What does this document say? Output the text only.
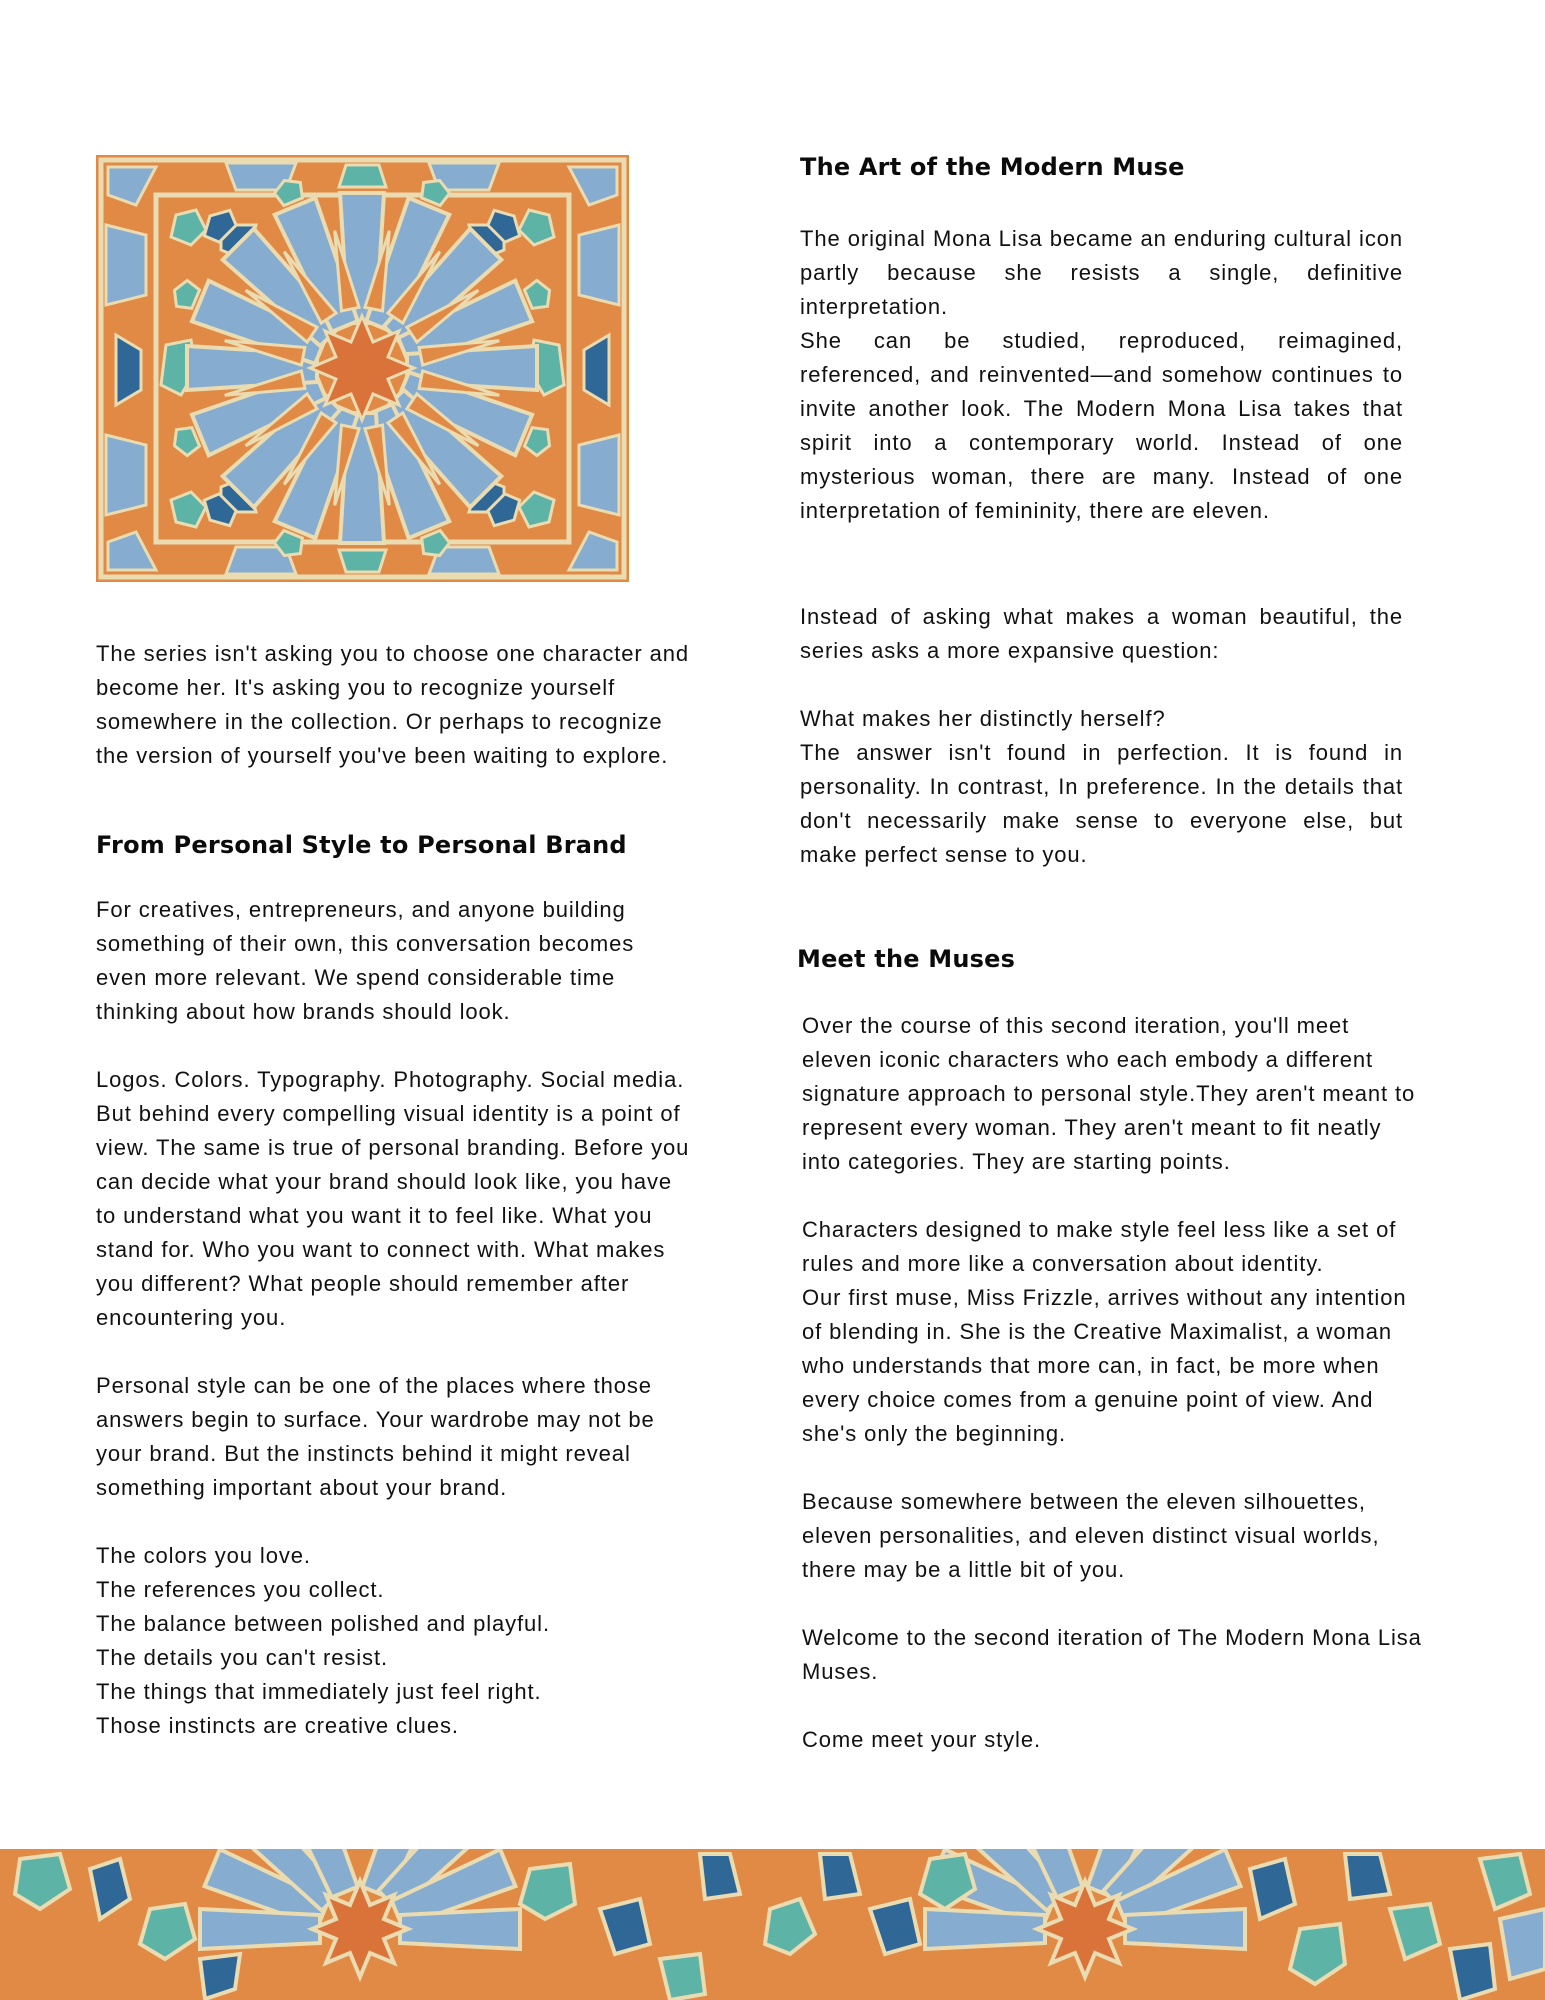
The series isn't asking you to choose one character and become her. It's asking you to recognize yourself somewhere in the collection. Or perhaps to recognize the version of yourself you've been waiting to explore.

From Personal Style to Personal Brand

For creatives, entrepreneurs, and anyone building something of their own, this conversation becomes even more relevant. We spend considerable time thinking about how brands should look.

Logos. Colors. Typography. Photography. Social media.

But behind every compelling visual identity is a point of view. The same is true of personal branding. Before you can decide what your brand should look like, you have to understand what you want it to feel like. What you stand for. Who you want to connect with. What makes you different? What people should remember after encountering you.

Personal style can be one of the places where those answers begin to surface. Your wardrobe may not be your brand. But the instincts behind it might reveal something important about your brand.

The colors you love.

The references you collect.

The balance between polished and playful.

The details you can't resist.

The things that immediately just feel right.

Those instincts are creative clues.

The Art of the Modern Muse

The original Mona Lisa became an enduring cultural icon partly because she resists a single, definitive interpretation.

She can be studied, reproduced, reimagined, referenced, and reinvented—and somehow continues to invite another look. The Modern Mona Lisa takes that spirit into a contemporary world. Instead of one mysterious woman, there are many. Instead of one interpretation of femininity, there are eleven.

Instead of asking what makes a woman beautiful, the series asks a more expansive question:

What makes her distinctly herself?

The answer isn't found in perfection. It is found in personality. In contrast, In preference. In the details that don't necessarily make sense to everyone else, but make perfect sense to you.

Meet the Muses

Over the course of this second iteration, you'll meet eleven iconic characters who each embody a different signature approach to personal style.They aren't meant to represent every woman. They aren't meant to fit neatly into categories. They are starting points.

Characters designed to make style feel less like a set of rules and more like a conversation about identity.

Our first muse, Miss Frizzle, arrives without any intention of blending in. She is the Creative Maximalist, a woman who understands that more can, in fact, be more when every choice comes from a genuine point of view. And she's only the beginning.

Because somewhere between the eleven silhouettes, eleven personalities, and eleven distinct visual worlds, there may be a little bit of you.

Welcome to the second iteration of The Modern Mona Lisa Muses.

Come meet your style.
